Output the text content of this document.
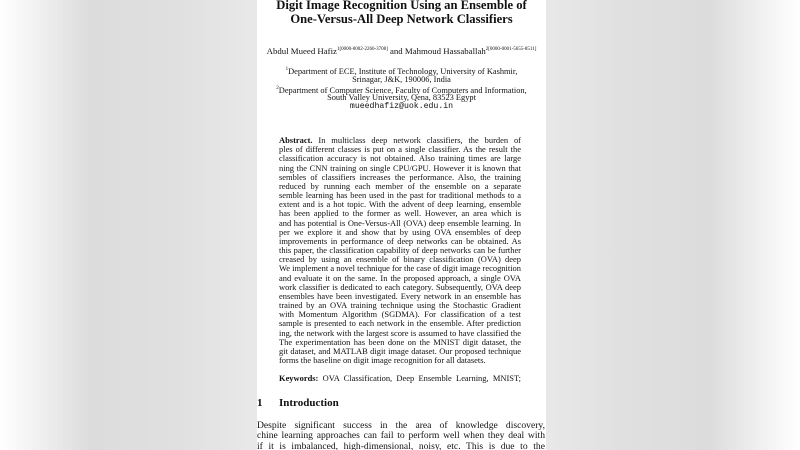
Digit Image Recognition Using an Ensemble of
One-Versus-All Deep Network Classifiers
Abdul Mueed Hafiz$^{1[0000-0002-2266-3708]}$ and Mahmoud Hassaballah$^{2[0000-0001-5655-8511]}$
$^1$Department of ECE, Institute of Technology, University of Kashmir,
Srinagar, J&K, 190006, India
$^2$Department of Computer Science, Faculty of Computers and Information,
South Valley University, Qena, 83523 Egypt
mueedhafiz@uok.edu.in
Abstract. In multiclass deep network classifiers, the burden of
ples of different classes is put on a single classifier. As the result the
classification accuracy is not obtained. Also training times are large
ning the CNN training on single CPU/GPU. However it is known that
sembles of classifiers increases the performance. Also, the training
reduced by running each member of the ensemble on a separate
semble learning has been used in the past for traditional methods to a
extent and is a hot topic. With the advent of deep learning, ensemble
has been applied to the former as well. However, an area which is
and has potential is One-Versus-All (OVA) deep ensemble learning. In
per we explore it and show that by using OVA ensembles of deep
improvements in performance of deep networks can be obtained. As
this paper, the classification capability of deep networks can be further
creased by using an ensemble of binary classification (OVA) deep
We implement a novel technique for the case of digit image recognition
and evaluate it on the same. In the proposed approach, a single OVA
work classifier is dedicated to each category. Subsequently, OVA deep
ensembles have been investigated. Every network in an ensemble has
trained by an OVA training technique using the Stochastic Gradient
with Momentum Algorithm (SGDMA). For classification of a test
sample is presented to each network in the ensemble. After prediction
ing, the network with the largest score is assumed to have classified the
The experimentation has been done on the MNIST digit dataset, the
git dataset, and MATLAB digit image dataset. Our proposed technique
forms the baseline on digit image recognition for all datasets.
Keywords: OVA Classification, Deep Ensemble Learning, MNIST;
1 Introduction
Despite significant success in the area of knowledge discovery,
chine learning approaches can fail to perform well when they deal with
if it is imbalanced, high-dimensional, noisy, etc. This is due to the
